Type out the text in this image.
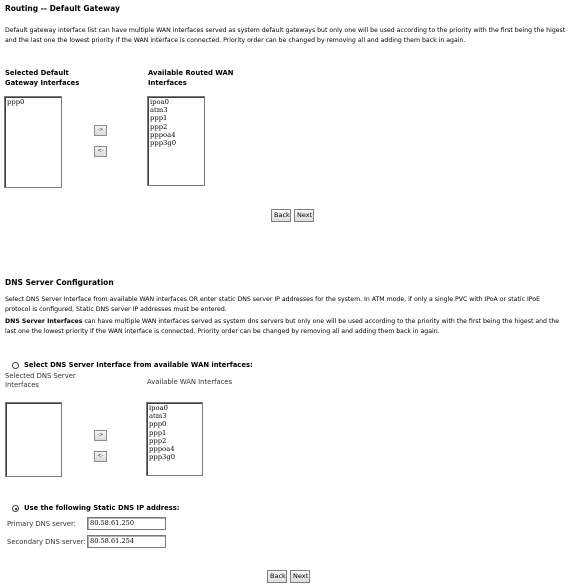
Routing -- Default Gateway
Default gateway interface list can have multiple WAN interfaces served as system default gateways but only one will be used according to the priority with the first being the higest and the last one the lowest priority if the WAN interface is connected. Priority order can be changed by removing all and adding them back in again.
Selected Default
Gateway Interfaces
Available Routed WAN
Interfaces
ppp0	ipoa0
atm3
ppp1
ppp2
pppoa4
ppp3g0
->
<-
Back	Next
DNS Server Configuration
Select DNS Server Interface from available WAN interfaces OR enter static DNS server IP addresses for the system. In ATM mode, if only a single PVC with IPoA or static IPoE protocol is configured, Static DNS server IP addresses must be entered.
DNS Server Interfaces can have multiple WAN interfaces served as system dns servers but only one will be used according to the priority with the first being the higest and the last one the lowest priority if the WAN interface is connected. Priority order can be changed by removing all and adding them back in again.
Select DNS Server Interface from available WAN interfaces:
Selected DNS Server
Interfaces	Available WAN Interfaces
ipoa0
atm3
ppp0
ppp1
ppp2
pppoa4
ppp3g0
->
<-
Use the following Static DNS IP address:
Primary DNS server:	80.58.61.250
Secondary DNS server: 80.58.61.254
Back	Next
